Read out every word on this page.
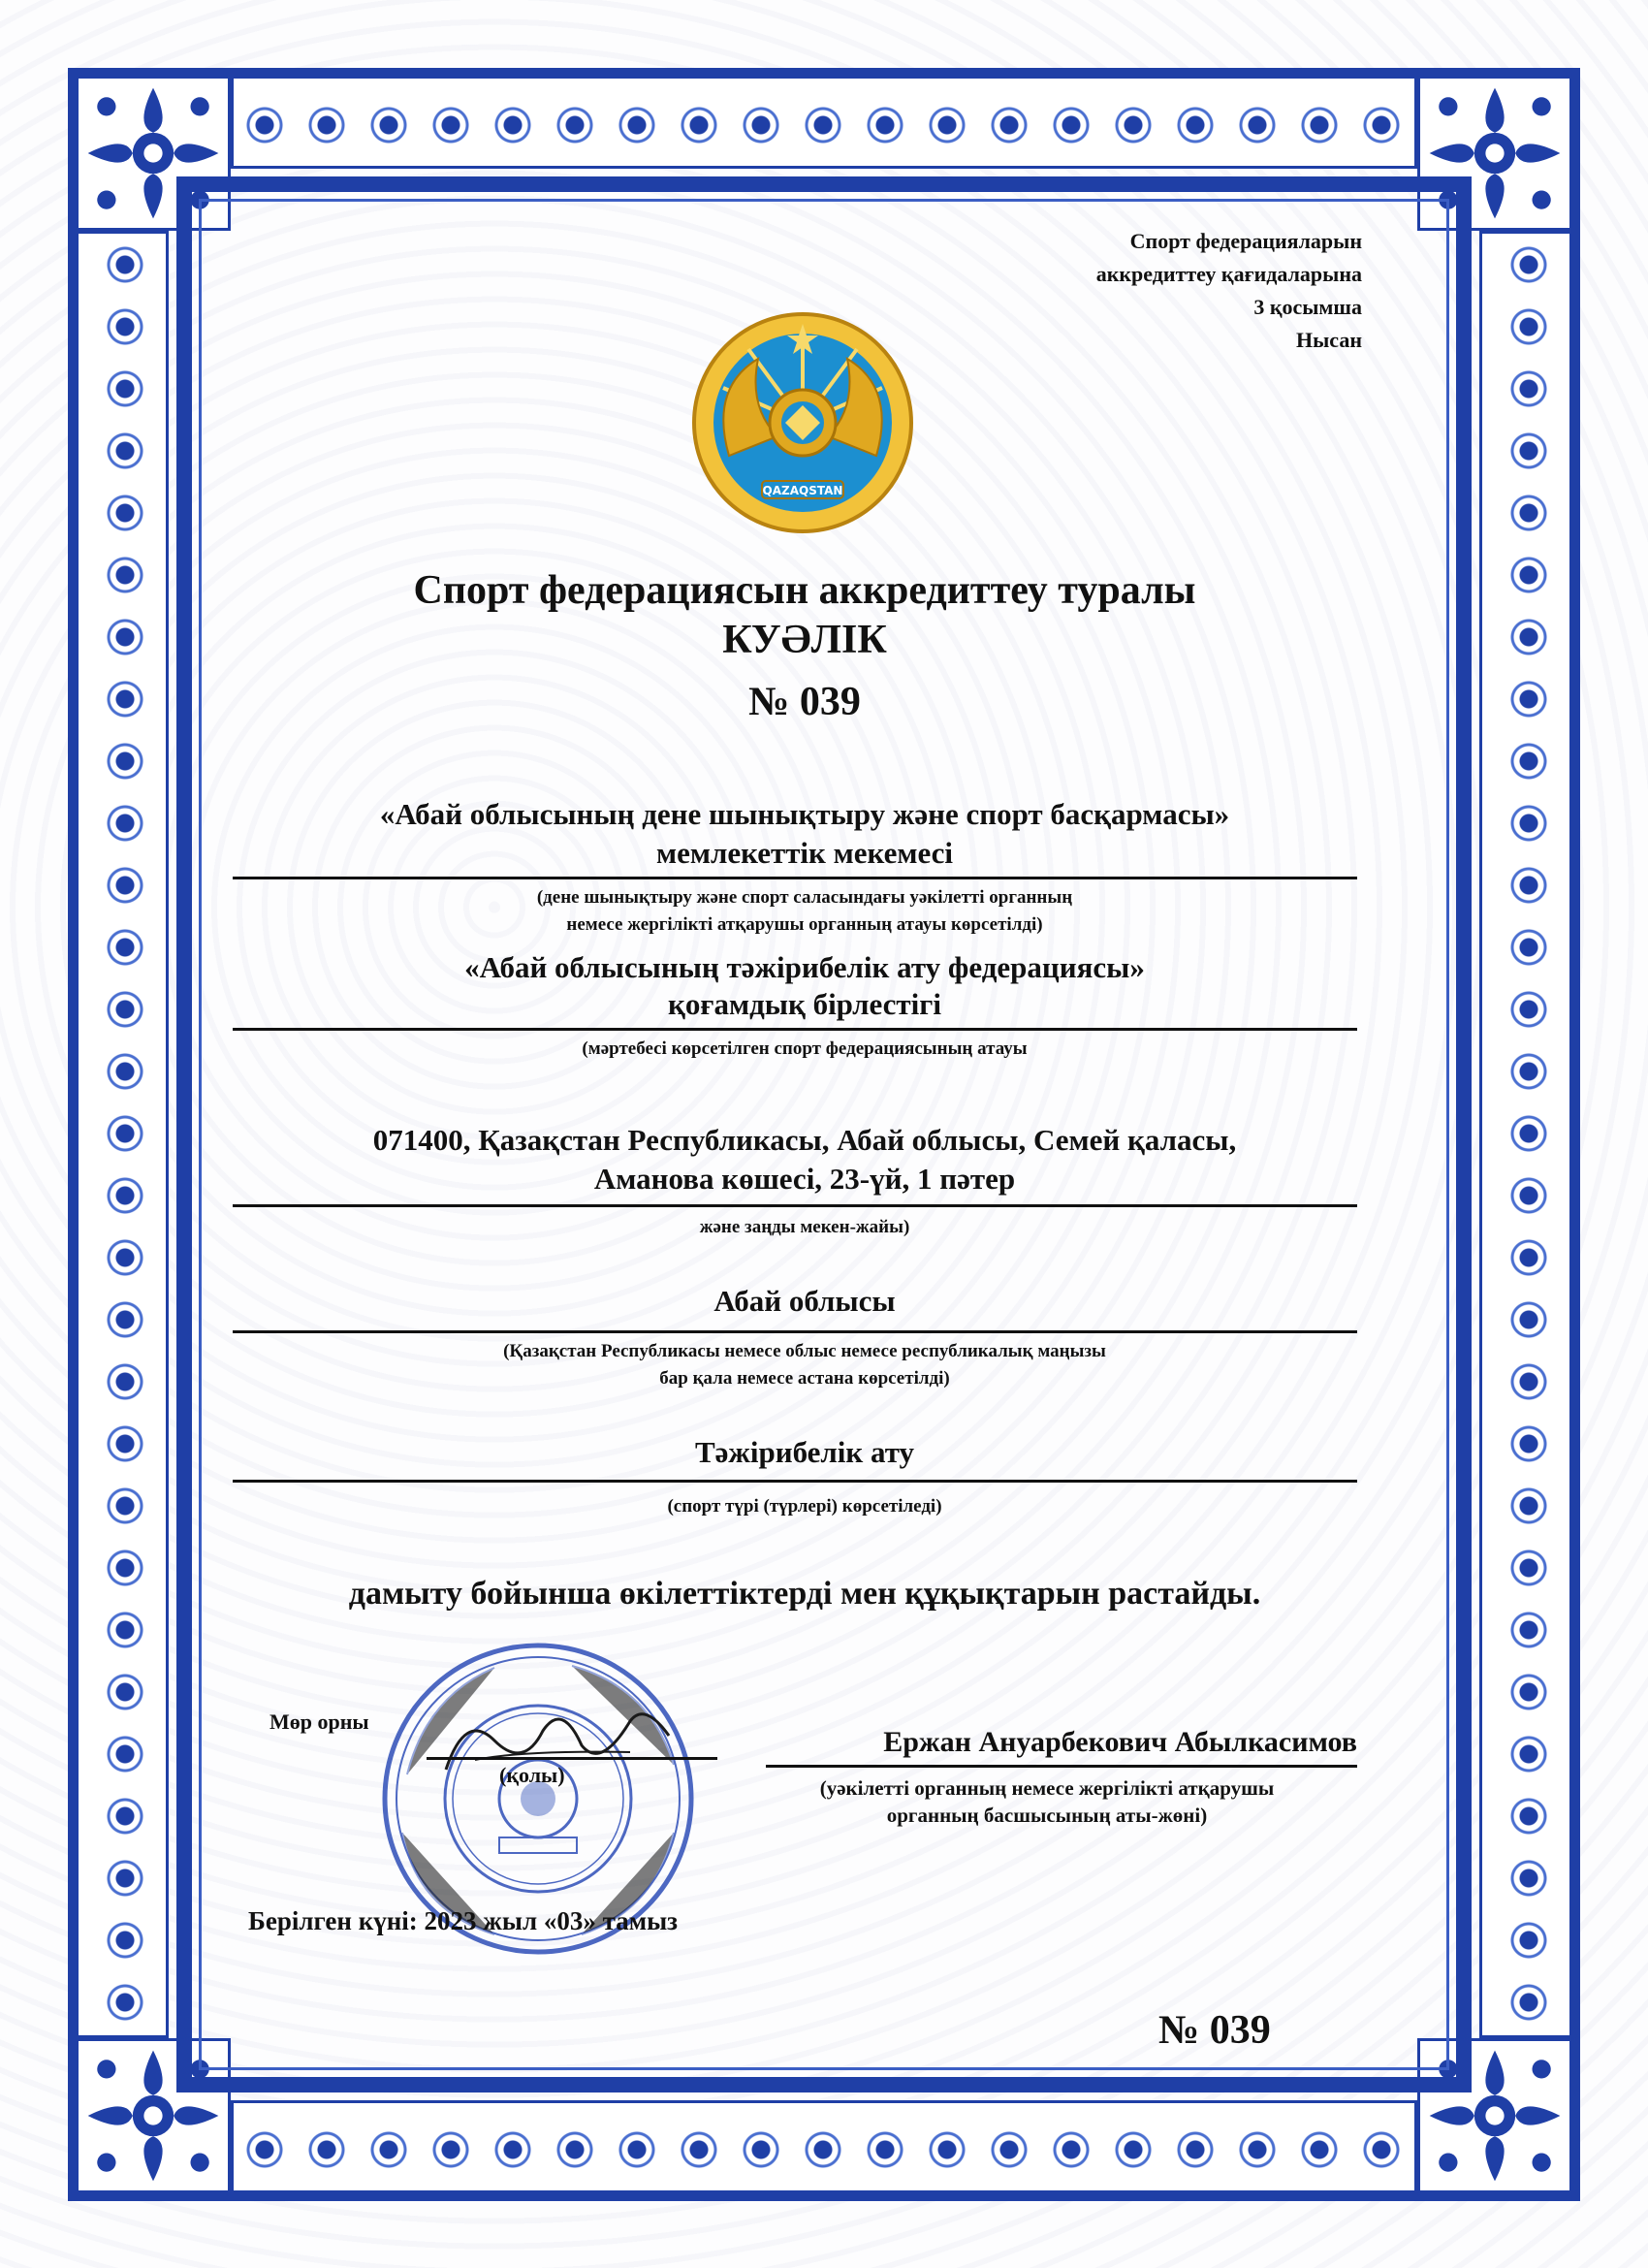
Спорт федерацияларын
аккредиттеу қағидаларына
3 қосымша
Нысан
QAZAQSTAN
Спорт федерациясын аккредиттеу туралы
КУӘЛІК
№ 039
«Абай облысының дене шынықтыру және спорт басқармасы»
мемлекеттік мекемесі
(дене шынықтыру және спорт саласындағы уәкілетті органның
немесе жергілікті атқарушы органның атауы көрсетілді)
«Абай облысының тәжірибелік ату федерациясы»
қоғамдық бірлестігі
(мәртебесі көрсетілген спорт федерациясының атауы
071400, Қазақстан Республикасы, Абай облысы, Семей қаласы,
Аманова көшесі, 23-үй, 1 пәтер
және заңды мекен-жайы)
Абай облысы
(Қазақстан Республикасы немесе облыс немесе республикалық маңызы
бар қала немесе астана көрсетілді)
Тәжірибелік ату
(спорт түрі (түрлері) көрсетіледі)
дамыту бойынша өкілеттіктерді мен құқықтарын растайды.
Мөр орны
(қолы)
Ержан Ануарбекович Абылкасимов
(уәкілетті органның немесе жергілікті атқарушы
органның басшысының аты-жөні)
Берілген күні: 2023 жыл «03» тамыз
№ 039
